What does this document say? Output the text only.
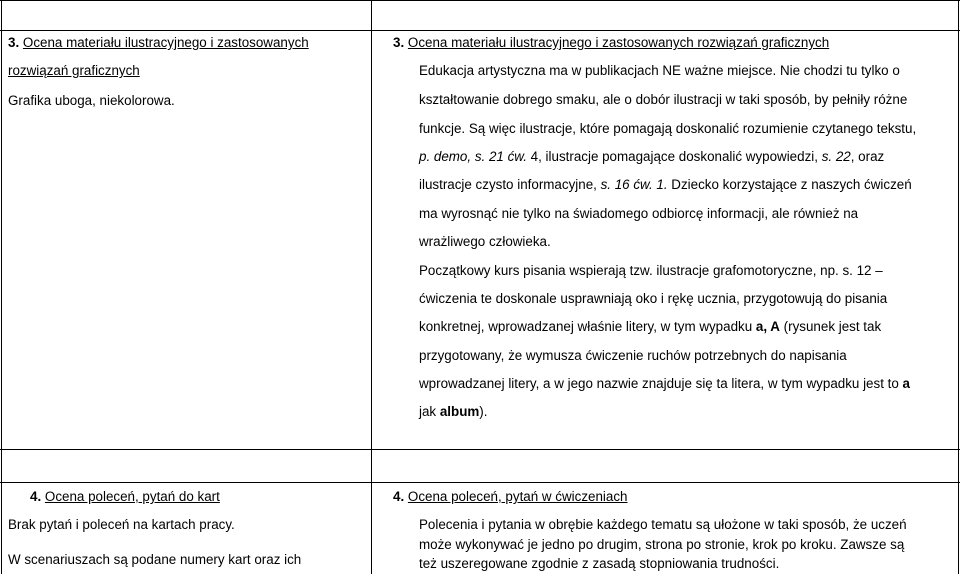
3. Ocena materiału ilustracyjnego i zastosowanych
rozwiązań graficznych
Grafika uboga, niekolorowa.
3. Ocena materiału ilustracyjnego i zastosowanych rozwiązań graficznych
Edukacja artystyczna ma w publikacjach NE ważne miejsce. Nie chodzi tu tylko o
kształtowanie dobrego smaku, ale o dobór ilustracji w taki sposób, by pełniły różne
funkcje. Są więc ilustracje, które pomagają doskonalić rozumienie czytanego tekstu,
p. demo, s. 21 ćw. 4, ilustracje pomagające doskonalić wypowiedzi, s. 22, oraz
ilustracje czysto informacyjne, s. 16 ćw. 1. Dziecko korzystające z naszych ćwiczeń
ma wyrosnąć nie tylko na świadomego odbiorcę informacji, ale również na
wrażliwego człowieka.
Początkowy kurs pisania wspierają tzw. ilustracje grafomotoryczne, np. s. 12 –
ćwiczenia te doskonale usprawniają oko i rękę ucznia, przygotowują do pisania
konkretnej, wprowadzanej właśnie litery, w tym wypadku a, A (rysunek jest tak
przygotowany, że wymusza ćwiczenie ruchów potrzebnych do napisania
wprowadzanej litery, a w jego nazwie znajduje się ta litera, w tym wypadku jest to a
jak album).
4. Ocena poleceń, pytań do kart
Brak pytań i poleceń na kartach pracy.
W scenariuszach są podane numery kart oraz ich
4. Ocena poleceń, pytań w ćwiczeniach
Polecenia i pytania w obrębie każdego tematu są ułożone w taki sposób, że uczeń
może wykonywać je jedno po drugim, strona po stronie, krok po kroku. Zawsze są
też uszeregowane zgodnie z zasadą stopniowania trudności.
